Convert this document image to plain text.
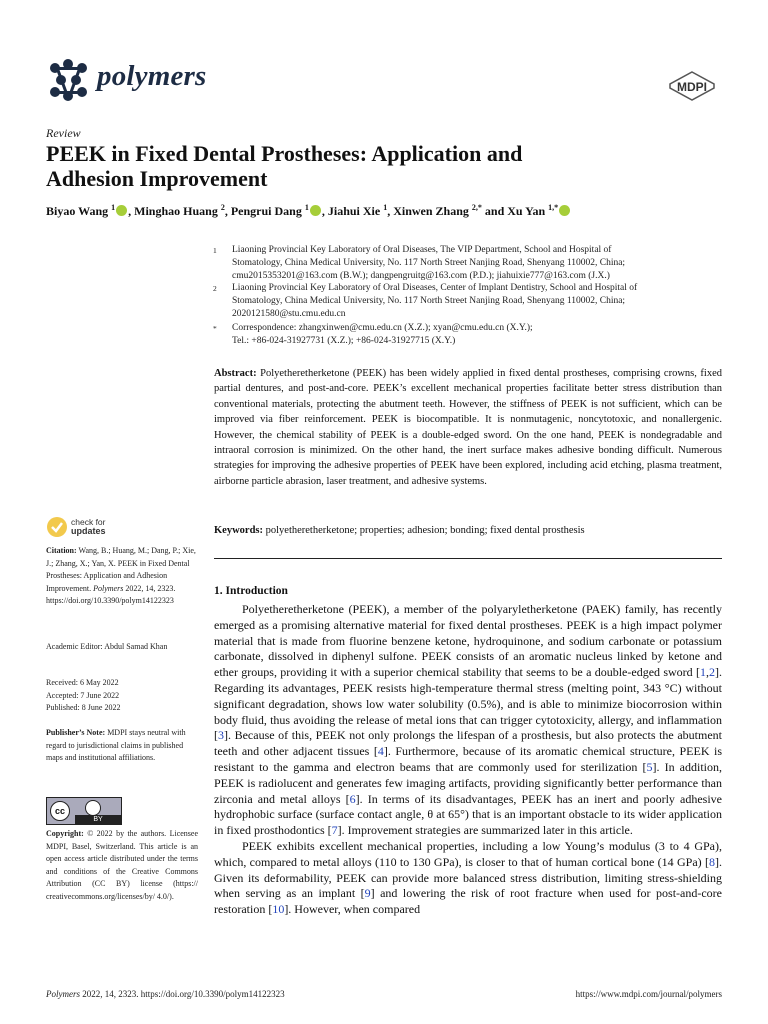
polymers	MDPI
Review
PEEK in Fixed Dental Prostheses: Application and
Adhesion Improvement
Biyao Wang $^1$ , Minghao Huang $^2$, Pengrui Dang $^1$ , Jiahui Xie $^1$, Xinwen Zhang $^{2,*}$ and Xu Yan $^{1,*}$
1 Liaoning Provincial Key Laboratory of Oral Diseases, The VIP Department, School and Hospital of
Stomatology, China Medical University, No. 117 North Street Nanjing Road, Shenyang 110002, China;
cmu2015353201@163.com (B.W.); dangpengruitg@163.com (P.D.); jiahuixie777@163.com (J.X.)
2 Liaoning Provincial Key Laboratory of Oral Diseases, Center of Implant Dentistry, School and Hospital of
Stomatology, China Medical University, No. 117 North Street Nanjing Road, Shenyang 110002, China;
2020121580@stu.cmu.edu.cn
* Correspondence: zhangxinwen@cmu.edu.cn (X.Z.); xyan@cmu.edu.cn (X.Y.);
Tel.: +86-024-31927731 (X.Z.); +86-024-31927715 (X.Y.)
Abstract: Polyetheretherketone (PEEK) has been widely applied in fixed dental prostheses, comprising crowns, fixed partial dentures, and post-and-core. PEEK’s excellent mechanical properties facilitate better stress distribution than conventional materials, protecting the abutment teeth. However, the stiffness of PEEK is not sufficient, which can be improved via fiber reinforcement. PEEK is biocompatible. It is nonmutagenic, noncytotoxic, and nonallergenic. However, the chemical stability of PEEK is a double-edged sword. On the one hand, PEEK is nondegradable and intraoral corrosion is minimized. On the other hand, the inert surface makes adhesive bonding difficult. Numerous strategies for improving the adhesive properties of PEEK have been explored, including acid etching, plasma treatment, airborne particle abrasion, laser treatment, and adhesive systems.
Keywords: polyetheretherketone; properties; adhesion; bonding; fixed dental prosthesis
check for
updates
Citation: Wang, B.; Huang, M.; Dang, P.; Xie, J.; Zhang, X.; Yan, X. PEEK in Fixed Dental Prostheses: Application and Adhesion Improvement. Polymers 2022, 14, 2323. https://doi.org/10.3390/polym14122323
Academic Editor: Abdul Samad Khan
Received: 6 May 2022
Accepted: 7 June 2022
Published: 8 June 2022
Publisher’s Note: MDPI stays neutral with regard to jurisdictional claims in published maps and institutional affiliations.
cc
BY
Copyright: © 2022 by the authors. Licensee MDPI, Basel, Switzerland. This article is an open access article distributed under the terms and conditions of the Creative Commons Attribution (CC BY) license (https:// creativecommons.org/licenses/by/ 4.0/).
1. Introduction

Polyetheretherketone (PEEK), a member of the polyaryletherketone (PAEK) family, has recently emerged as a promising alternative material for fixed dental prostheses. PEEK is a high impact polymer material that is made from fluorine benzene ketone, hydroquinone, and sodium carbonate or potassium carbonate, dissolved in diphenyl sulfone. PEEK consists of an aromatic nucleus linked by ketone and ether groups, providing it with a superior chemical stability that seems to be a double-edged sword [1,2]. Regarding its advantages, PEEK resists high-temperature thermal stress (melting point, 343 °C) without significant degradation, shows low water solubility (0.5%), and is able to minimize biocorrosion within body fluid, thus avoiding the release of metal ions that can trigger cytotoxicity, allergy, and inflammation [3]. Because of this, PEEK not only prolongs the lifespan of a prosthesis, but also protects the abutment teeth and other adjacent tissues [4]. Furthermore, because of its aromatic chemical structure, PEEK is resistant to the gamma and electron beams that are commonly used for sterilization [5]. In addition, PEEK is radiolucent and generates few imaging artifacts, providing significantly better performance than zirconia and metal alloys [6]. In terms of its disadvantages, PEEK has an inert and poorly adhesive hydrophobic surface (surface contact angle, θ at 65°) that is an important obstacle to its wider application in fixed prosthodontics [7]. Improvement strategies are summarized later in this article.

PEEK exhibits excellent mechanical properties, including a low Young’s modulus (3 to 4 GPa), which, compared to metal alloys (110 to 130 GPa), is closer to that of human cortical bone (14 GPa) [8]. Given its deformability, PEEK can provide more balanced stress distribution, limiting stress-shielding when serving as an implant [9] and lowering the risk of root fracture when used for post-and-core restoration [10]. However, when compared

Polymers 2022, 14, 2323. https://doi.org/10.3390/polym14122323	https://www.mdpi.com/journal/polymers
